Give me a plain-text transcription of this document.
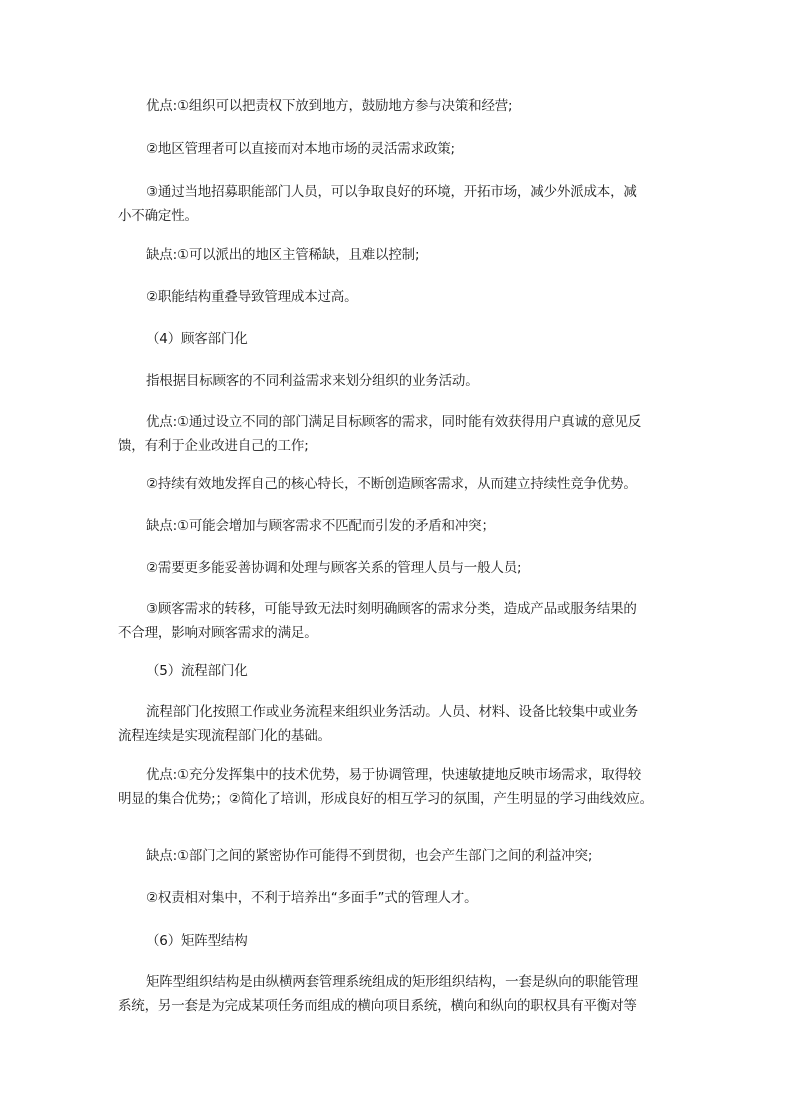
优点:①组织可以把责权下放到地方，鼓励地方参与决策和经营;

②地区管理者可以直接而对本地市场的灵活需求政策;

③通过当地招募职能部门人员，可以争取良好的环境，开拓市场，减少外派成本，减
小不确定性。

缺点:①可以派出的地区主管稀缺，且难以控制;

②职能结构重叠导致管理成本过高。

（4）顾客部门化

指根据目标顾客的不同利益需求来划分组织的业务活动。

优点:①通过设立不同的部门满足目标顾客的需求，同时能有效获得用户真诚的意见反
馈，有利于企业改进自己的工作;

②持续有效地发挥自己的核心特长，不断创造顾客需求，从而建立持续性竞争优势。

缺点:①可能会增加与顾客需求不匹配而引发的矛盾和冲突；

②需要更多能妥善协调和处理与顾客关系的管理人员与一般人员;

③顾客需求的转移，可能导致无法时刻明确顾客的需求分类，造成产品或服务结果的
不合理，影响对顾客需求的满足。

（5）流程部门化

流程部门化按照工作或业务流程来组织业务活动。人员、材料、设备比较集中或业务
流程连续是实现流程部门化的基础。

优点:①充分发挥集中的技术优势，易于协调管理，快速敏捷地反映市场需求，取得较
明显的集合优势;；②简化了培训，形成良好的相互学习的氛围，产生明显的学习曲线效应。

缺点:①部门之间的紧密协作可能得不到贯彻，也会产生部门之间的利益冲突;

②权责相对集中，不利于培养出“多面手”式的管理人才。

（6）矩阵型结构

矩阵型组织结构是由纵横两套管理系统组成的矩形组织结构，一套是纵向的职能管理
系统，另一套是为完成某项任务而组成的横向项目系统，横向和纵向的职权具有平衡对等
